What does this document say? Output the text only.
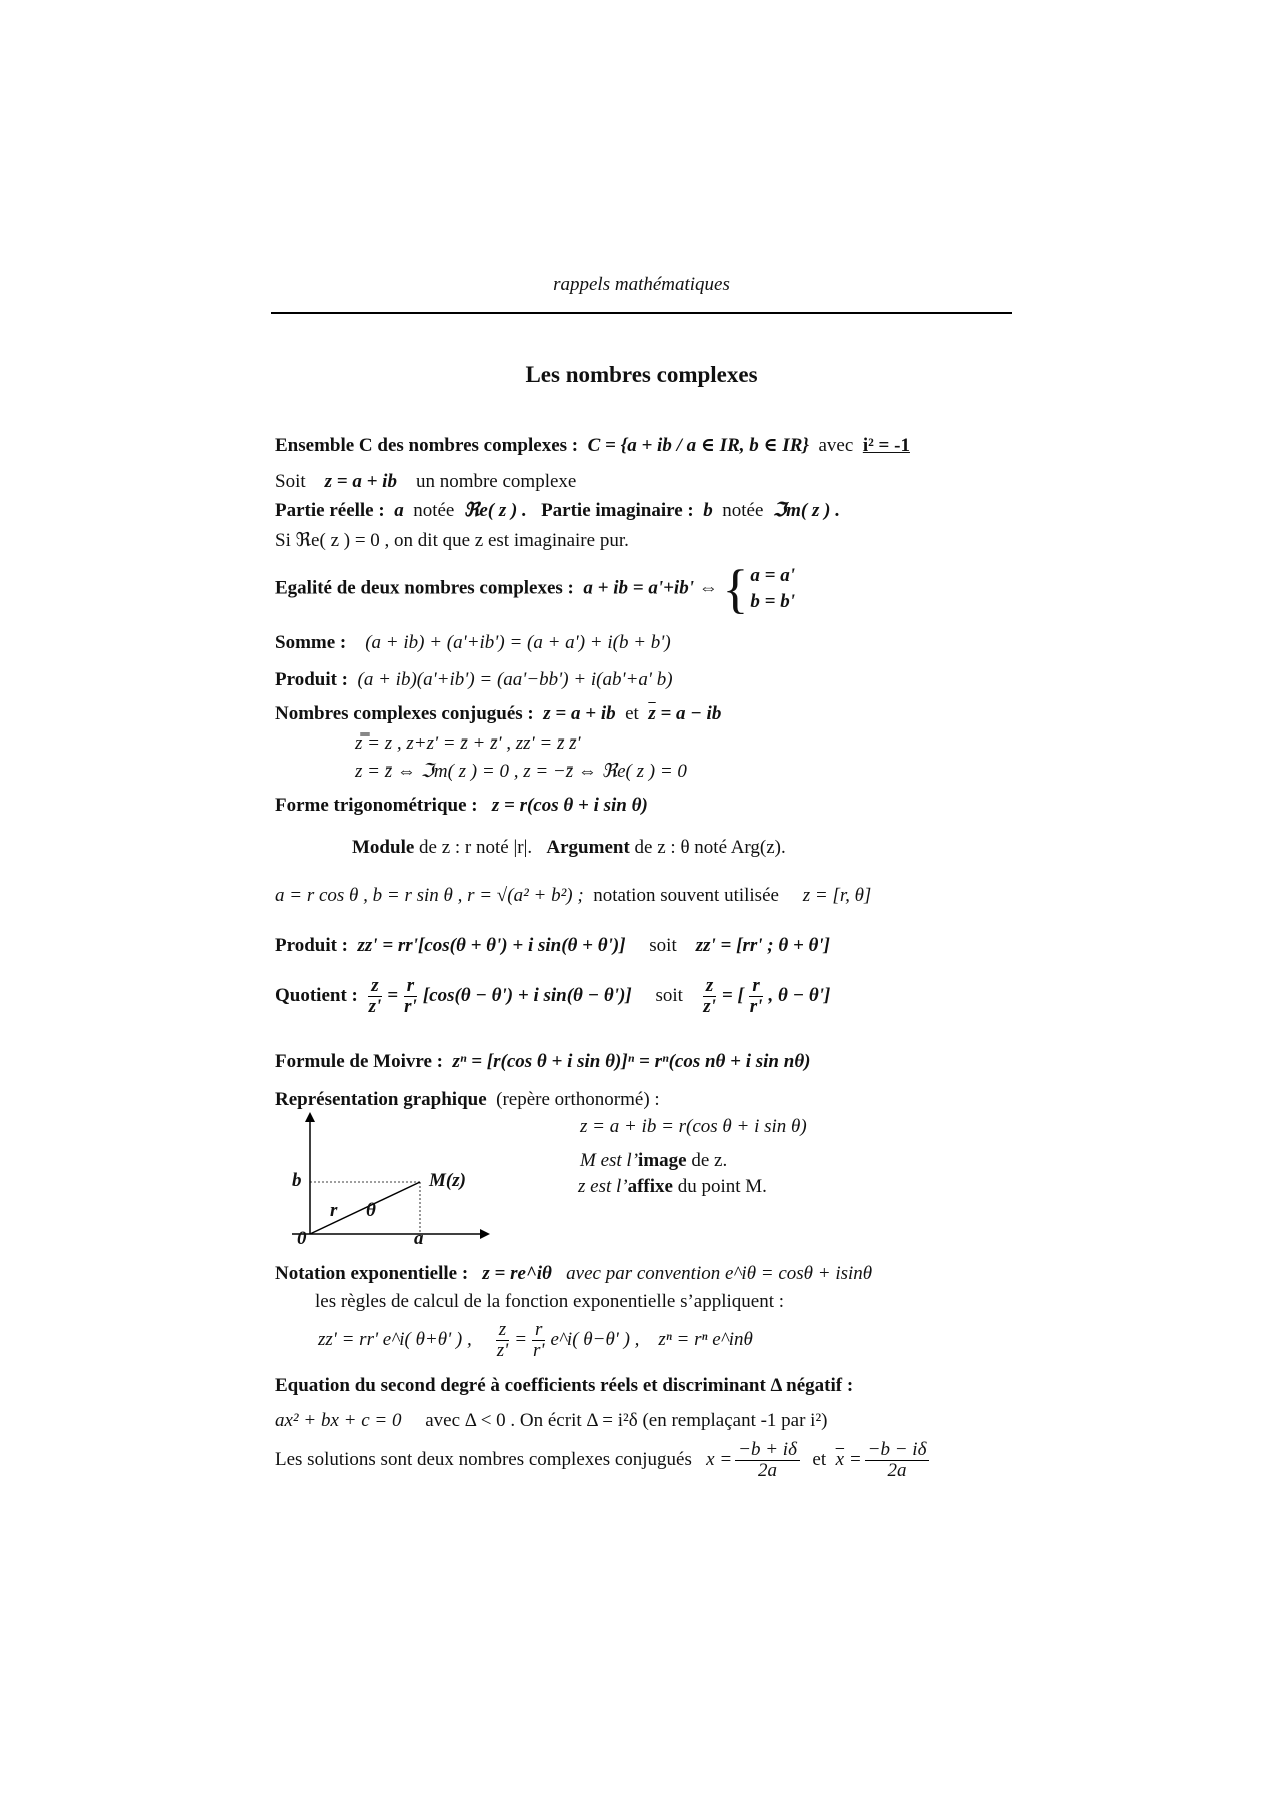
rappels mathématiques
Les nombres complexes
Ensemble C des nombres complexes : C = {a + ib / a ∈ IR, b ∈ IR} avec i² = -1
Soit z = a + ib un nombre complexe
Partie réelle : a notée ℜe( z ) . Partie imaginaire : b notée ℑm( z ) .
Si ℜe( z ) = 0 , on dit que z est imaginaire pur.
Egalité de deux nombres complexes : a + ib = a'+ib' ⇔ { a = a'
b = b'
Somme : (a + ib) + (a'+ib') = (a + a') + i(b + b')
Produit : (a + ib)(a'+ib') = (aa'−bb') + i(ab'+a' b)
Nombres complexes conjugués : z = a + ib et $\overline{z} = a$ − ib
z̿ = z , z+z' = z̄ + z̄' , zz' = z̄ z̄'
z = z̄ ⇔ ℑm( z ) = 0 , z = −z̄ ⇔ ℜe( z ) = 0
Forme trigonométrique : z = r(cos θ + i sin θ)
Module de z : r noté |r|. Argument de z : θ noté Arg(z).
a = r cos θ , b = r sin θ , r = √(a² + b²) ; notation souvent utilisée z = [r, θ]
Produit : zz' = rr'[cos(θ + θ') + i sin(θ + θ')] soit zz' = [rr' ; θ + θ']
Quotient : $\frac{z}{z'} = \frac{r}{r'} [\cos(\theta - \theta') + i$ sin(θ − θ')] soit $\frac{z}{z'}$ = [ $\frac{r}{r'}$ , θ − θ']
Formule de Moivre : zⁿ = [r(cos θ + i sin θ)]ⁿ = rⁿ(cos nθ + i sin nθ)
Représentation graphique (repère orthonormé) :
z = a + ib = r(cos θ + i sin θ)
M est l’image de z.
z est l’affixe du point M.
b	M(z)
r θ
0	a
Notation exponentielle : z = re^iθ avec par convention e^iθ = cosθ + isinθ
les règles de calcul de la fonction exponentielle s’appliquent :
zz' = rr' e^i( θ+θ' ) , $\frac{z}{z'} = \frac{r}{r'}$ e^i( θ−θ' ) , zⁿ = rⁿ e^inθ
Equation du second degré à coefficients réels et discriminant Δ négatif :
ax² + bx + c = 0 avec Δ < 0 . On écrit Δ = i²δ (en remplaçant -1 par i²)
Les solutions sont deux nombres complexes conjugués $x = \frac{-b + i\delta}{2a}$ et $\overline{x} = \frac{-b - i\delta}{2a}$
